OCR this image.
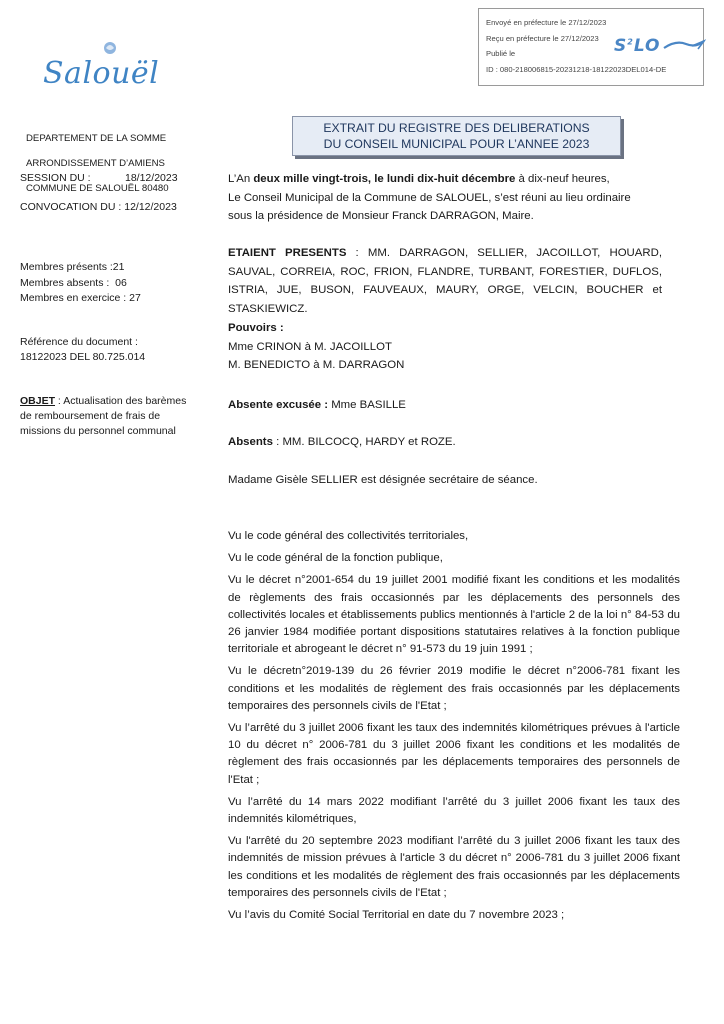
Envoyé en préfecture le 27/12/2023
Reçu en préfecture le 27/12/2023
Publié le
ID : 080-218006815-20231218-18122023DEL014-DE
$S^2LO$
Salouël

DEPARTEMENT DE LA SOMME

ARRONDISSEMENT D’AMIENS

COMMUNE DE SALOUËL 80480

EXTRAIT DU REGISTRE DES DELIBERATIONS
DU CONSEIL MUNICIPAL POUR L’ANNEE 2023
SESSION DU :	18/12/2023
CONVOCATION DU : 12/12/2023
Membres présents :21
Membres absents :  06
Membres en exercice : 27
Référence du document :
18122023 DEL 80.725.014
OBJET : Actualisation des barèmes de remboursement de frais de missions du personnel communal
L’An deux mille vingt-trois, le lundi dix-huit décembre à dix-neuf heures,
Le Conseil Municipal de la Commune de SALOUEL, s’est réuni au lieu ordinaire
sous la présidence de Monsieur Franck DARRAGON, Maire.
ETAIENT PRESENTS : MM. DARRAGON, SELLIER, JACOILLOT, HOUARD, SAUVAL, CORREIA, ROC, FRION, FLANDRE, TURBANT, FORESTIER, DUFLOS, ISTRIA, JUE, BUSON, FAUVEAUX, MAURY, ORGE, VELCIN, BOUCHER et STASKIEWICZ.
Pouvoirs :
Mme CRINON à M. JACOILLOT
M. BENEDICTO à M. DARRAGON
Absente excusée : Mme BASILLE
Absents : MM. BILCOCQ, HARDY et ROZE.
Madame Gisèle SELLIER est désignée secrétaire de séance.
Vu le code général des collectivités territoriales,
Vu le code général de la fonction publique,
Vu le décret n°2001-654 du 19 juillet 2001 modifié fixant les conditions et les modalités de règlements des frais occasionnés par les déplacements des personnels des collectivités locales et établissements publics mentionnés à l'article 2 de la loi n° 84-53 du 26 janvier 1984 modifiée portant dispositions statutaires relatives à la fonction publique territoriale et abrogeant le décret n° 91-573 du 19 juin 1991 ;
Vu le décretn°2019-139 du 26 février 2019 modifie le décret n°2006-781 fixant les conditions et les modalités de règlement des frais occasionnés par les déplacements temporaires des personnels civils de l'Etat ;
Vu l’arrêté du 3 juillet 2006 fixant les taux des indemnités kilométriques prévues à l'article 10 du décret n° 2006-781 du 3 juillet 2006 fixant les conditions et les modalités de règlement des frais occasionnés par les déplacements temporaires des personnels de l'Etat ;
Vu l’arrêté du 14 mars 2022 modifiant l’arrêté du 3 juillet 2006 fixant les taux des indemnités kilométriques,
Vu l'arrêté du 20 septembre 2023 modifiant l’arrêté du 3 juillet 2006 fixant les taux des indemnités de mission prévues à l'article 3 du décret n° 2006-781 du 3 juillet 2006 fixant les conditions et les modalités de règlement des frais occasionnés par les déplacements temporaires des personnels civils de l'Etat ;
Vu l’avis du Comité Social Territorial en date du 7 novembre 2023 ;
